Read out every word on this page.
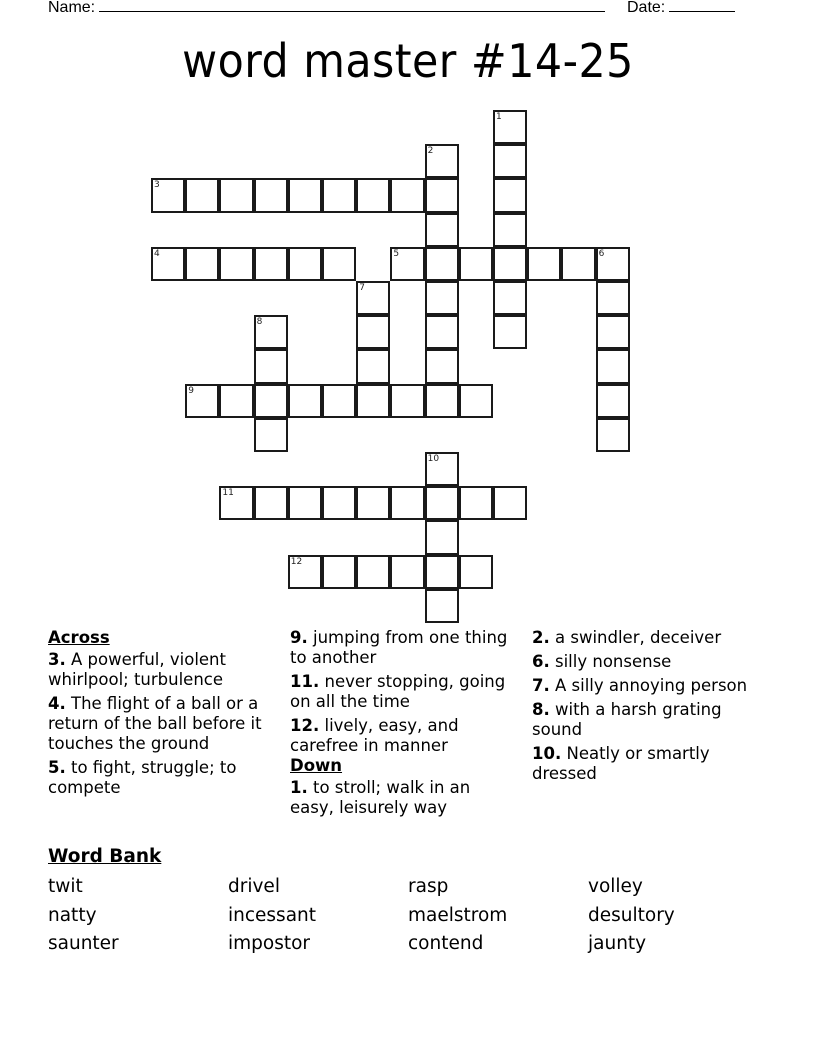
Name:	Date:
word master #14-25
1
2
3
4	5	6
7
8
9
10
11
12
Across
3. A powerful, violent whirlpool; turbulence
4. The flight of a ball or a return of the ball before it touches the ground
5. to fight, struggle; to compete
9. jumping from one thing to another
11. never stopping, going on all the time
12. lively, easy, and carefree in manner
Down
1. to stroll; walk in an easy, leisurely way
2. a swindler, deceiver
6. silly nonsense
7. A silly annoying person
8. with a harsh grating sound
10. Neatly or smartly dressed
Word Bank
twit	drivel	rasp	volley
natty	incessant	maelstrom	desultory
saunter	impostor	contend	jaunty
